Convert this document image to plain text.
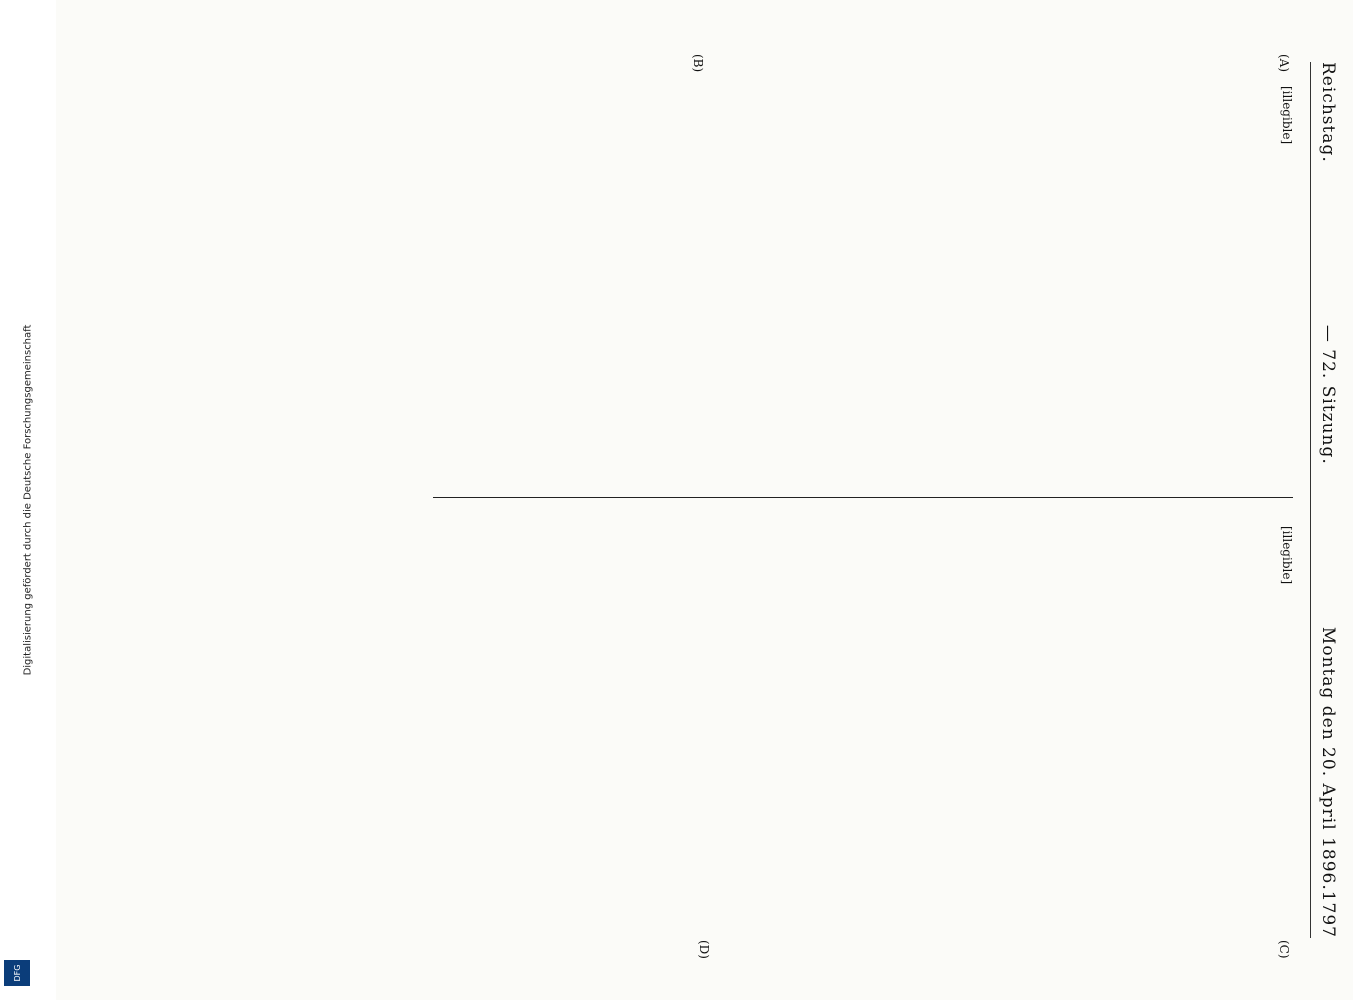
Digitalisierung gefördert durch die Deutsche Forschungsgemeinschaft
DFG
Reichstag.
— 72. Sitzung.
Montag den 20. April 1896.
1797
(A)
(B)
(C)
(D)

[illegible]

[illegible]
